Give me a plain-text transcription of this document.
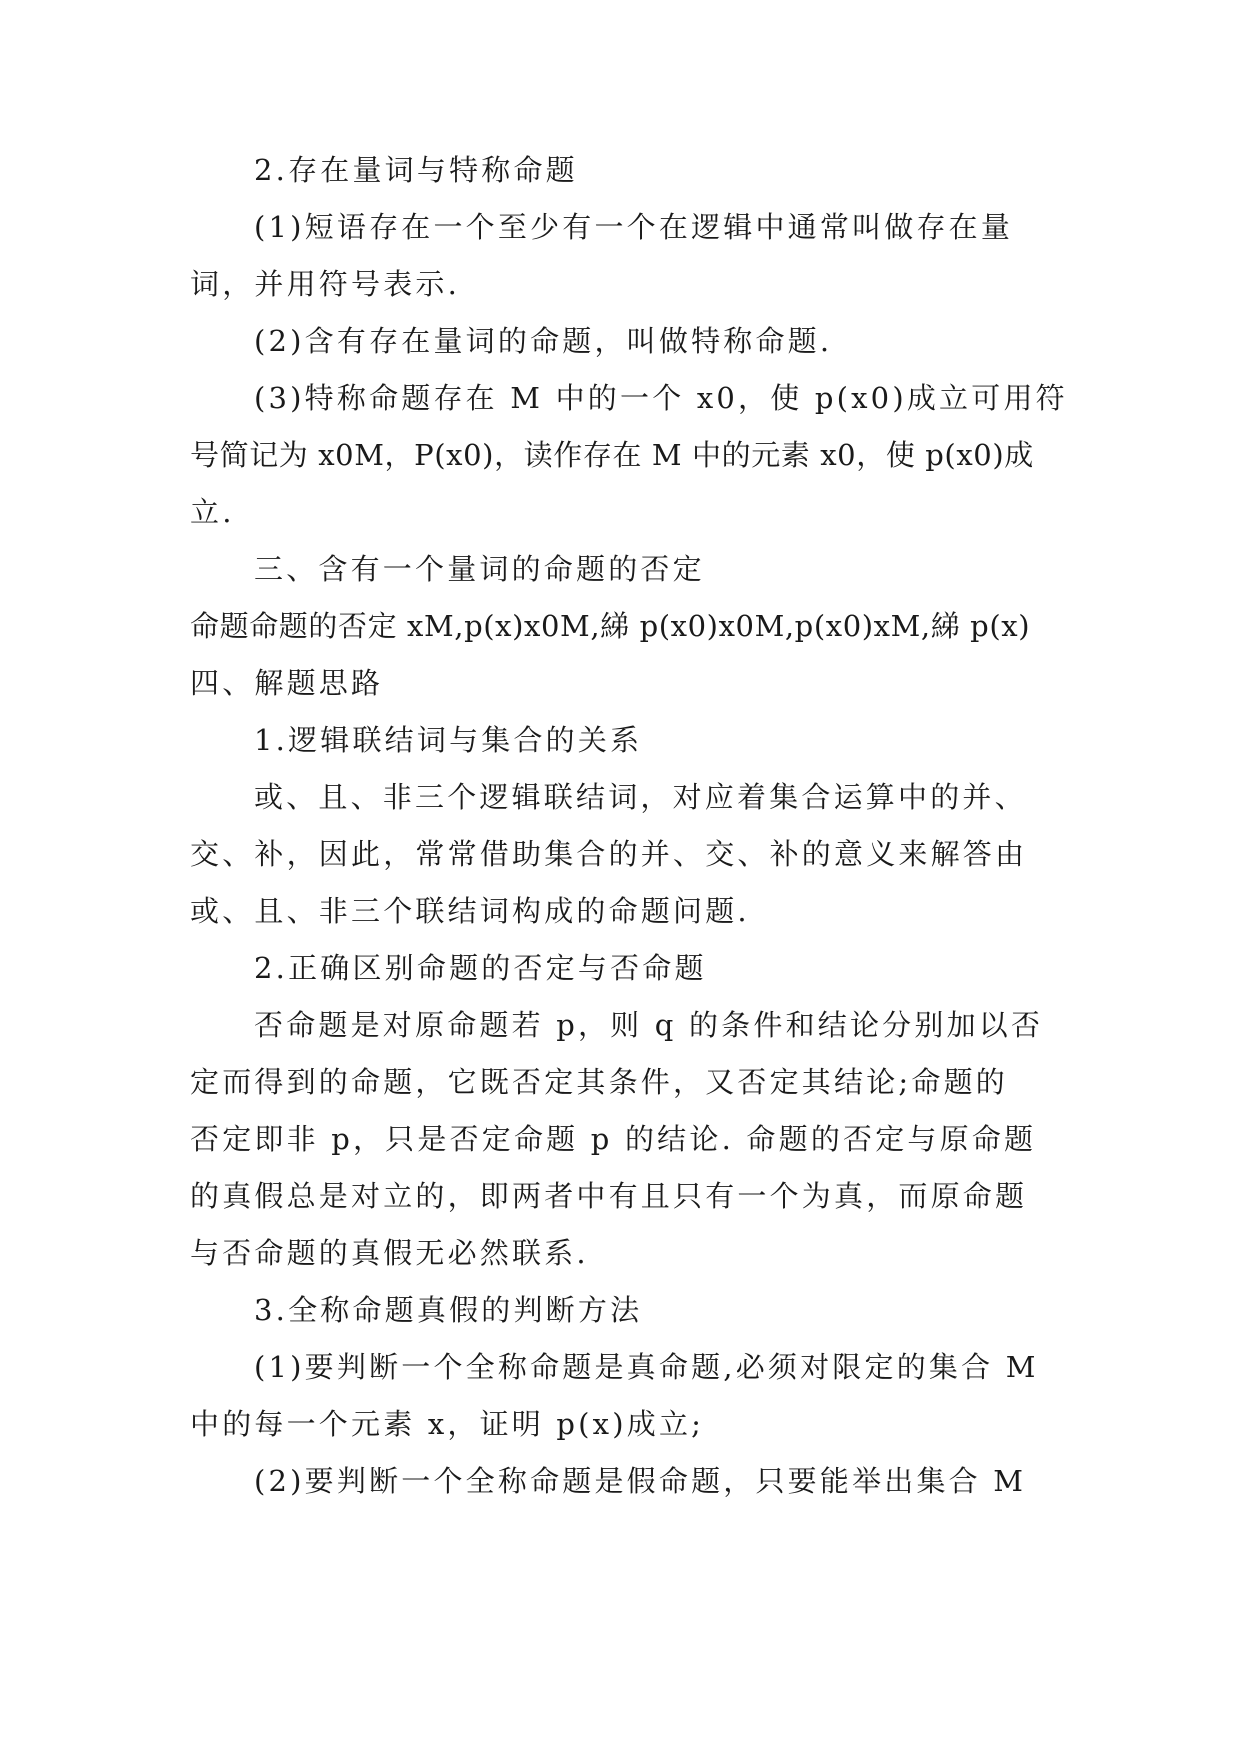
2.存在量词与特称命题
(1)短语存在一个至少有一个在逻辑中通常叫做存在量
词，并用符号表示.
(2)含有存在量词的命题，叫做特称命题.
(3)特称命题存在 M 中的一个 x0，使 p(x0)成立可用符
号简记为 x0M，P(x0)，读作存在 M 中的元素 x0，使 p(x0)成
立.
三、含有一个量词的命题的否定
命题命题的否定 xM,p(x)x0M,綈 p(x0)x0M,p(x0)xM,綈 p(x)
四、解题思路
1.逻辑联结词与集合的关系
或、且、非三个逻辑联结词，对应着集合运算中的并、
交、补，因此，常常借助集合的并、交、补的意义来解答由
或、且、非三个联结词构成的命题问题.
2.正确区别命题的否定与否命题
否命题是对原命题若 p，则 q 的条件和结论分别加以否
定而得到的命题，它既否定其条件，又否定其结论;命题的
否定即非 p，只是否定命题 p 的结论. 命题的否定与原命题
的真假总是对立的，即两者中有且只有一个为真，而原命题
与否命题的真假无必然联系.
3.全称命题真假的判断方法
(1)要判断一个全称命题是真命题,必须对限定的集合 M
中的每一个元素 x，证明 p(x)成立;
(2)要判断一个全称命题是假命题，只要能举出集合 M
